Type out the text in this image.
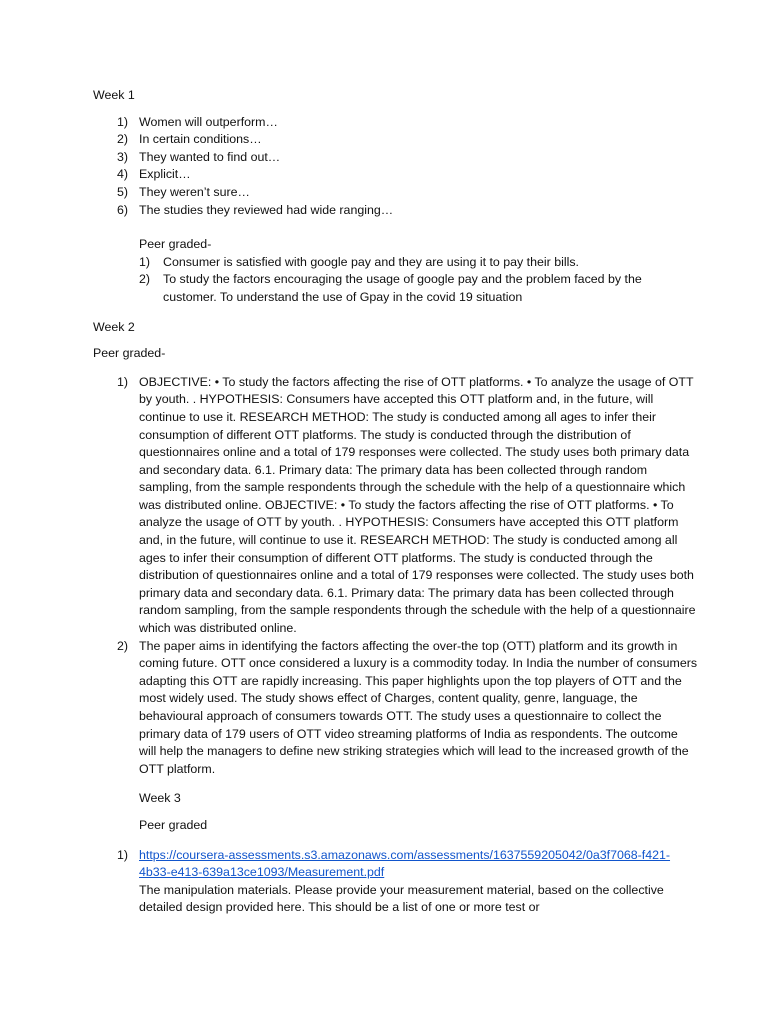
Week 1
1) Women will outperform…
2) In certain conditions…
3) They wanted to find out…
4) Explicit…
5) They weren’t sure…
6) The studies they reviewed had wide ranging…
Peer graded-
1) Consumer is satisfied with google pay and they are using it to pay their bills.
2) To study the factors encouraging the usage of google pay and the problem faced by the customer. To understand the use of Gpay in the covid 19 situation
Week 2
Peer graded-
1) OBJECTIVE: • To study the factors affecting the rise of OTT platforms. • To analyze the usage of OTT by youth. . HYPOTHESIS: Consumers have accepted this OTT platform and, in the future, will continue to use it. RESEARCH METHOD: The study is conducted among all ages to infer their consumption of different OTT platforms. The study is conducted through the distribution of questionnaires online and a total of 179 responses were collected. The study uses both primary data and secondary data. 6.1. Primary data: The primary data has been collected through random sampling, from the sample respondents through the schedule with the help of a questionnaire which was distributed online. OBJECTIVE: • To study the factors affecting the rise of OTT platforms. • To analyze the usage of OTT by youth. . HYPOTHESIS: Consumers have accepted this OTT platform and, in the future, will continue to use it. RESEARCH METHOD: The study is conducted among all ages to infer their consumption of different OTT platforms. The study is conducted through the distribution of questionnaires online and a total of 179 responses were collected. The study uses both primary data and secondary data. 6.1. Primary data: The primary data has been collected through random sampling, from the sample respondents through the schedule with the help of a questionnaire which was distributed online.
2) The paper aims in identifying the factors affecting the over-the top (OTT) platform and its growth in coming future. OTT once considered a luxury is a commodity today. In India the number of consumers adapting this OTT are rapidly increasing. This paper highlights upon the top players of OTT and the most widely used. The study shows effect of Charges, content quality, genre, language, the behavioural approach of consumers towards OTT. The study uses a questionnaire to collect the primary data of 179 users of OTT video streaming platforms of India as respondents. The outcome will help the managers to define new striking strategies which will lead to the increased growth of the OTT platform.
Week 3
Peer graded
1) https://coursera-assessments.s3.amazonaws.com/assessments/1637559205042/0a3f7068-f421-4b33-e413-639a13ce1093/Measurement.pdf
The manipulation materials. Please provide your measurement material, based on the collective detailed design provided here. This should be a list of one or more test or
